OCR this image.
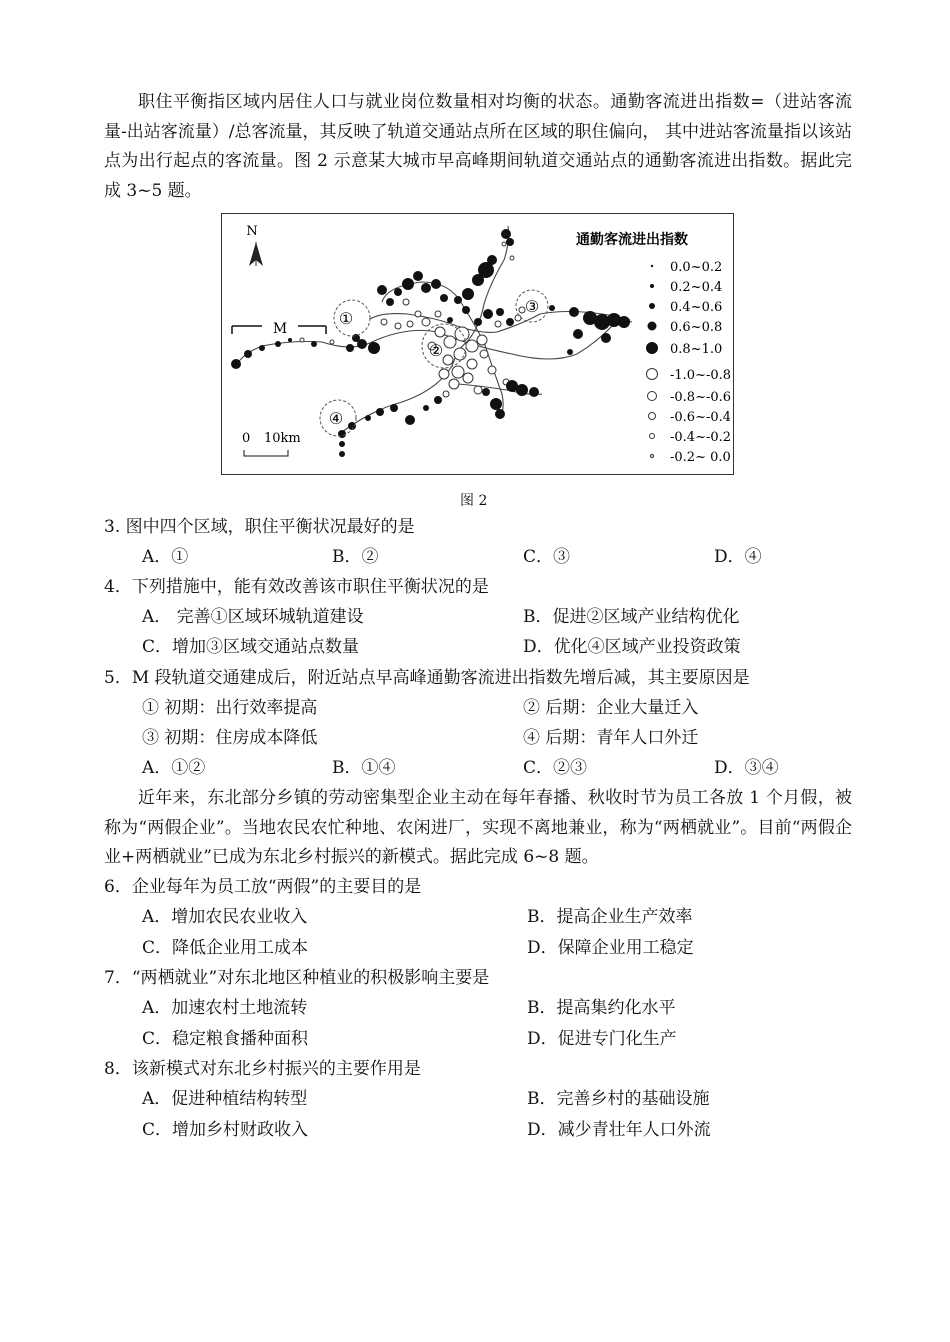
职住平衡指区域内居住人口与就业岗位数量相对均衡的状态。通勤客流进出指数=（进站客流量-出站客流量）/总客流量，其反映了轨道交通站点所在区域的职住偏向， 其中进站客流量指以该站点为出行起点的客流量。图 2 示意某大城市早高峰期间轨道交通站点的通勤客流进出指数。据此完成 3~5 题。

N
M
0 10km
①
②
③
④
通勤客流进出指数
0.0~0.2
0.2~0.4
0.4~0.6
0.6~0.8
0.8~1.0
-1.0~-0.8
-0.8~-0.6
-0.6~-0.4
-0.4~-0.2
-0.2~ 0.0
图 2
3. 图中四个区域，职住平衡状况最好的是
A．①	B．②	C．③	D．④
4．下列措施中，能有效改善该市职住平衡状况的是
A． 完善①区域环城轨道建设	B．促进②区域产业结构优化
C．增加③区域交通站点数量	D．优化④区域产业投资政策
5．M 段轨道交通建成后，附近站点早高峰通勤客流进出指数先增后减，其主要原因是
① 初期：出行效率提高	② 后期：企业大量迁入
③ 初期：住房成本降低	④ 后期：青年人口外迁
A．①②	B．①④	C．②③	D．③④

近年来，东北部分乡镇的劳动密集型企业主动在每年春播、秋收时节为员工各放 1 个月假，被称为“两假企业”。当地农民农忙种地、农闲进厂，实现不离地兼业，称为“两栖就业”。目前“两假企业+两栖就业”已成为东北乡村振兴的新模式。据此完成 6~8 题。

6．企业每年为员工放“两假”的主要目的是
A．增加农民农业收入	B．提高企业生产效率
C．降低企业用工成本	D．保障企业用工稳定
7．“两栖就业”对东北地区种植业的积极影响主要是
A．加速农村土地流转	B．提高集约化水平
C．稳定粮食播种面积	D．促进专门化生产
8．该新模式对东北乡村振兴的主要作用是
A．促进种植结构转型	B．完善乡村的基础设施
C．增加乡村财政收入	D．减少青壮年人口外流
